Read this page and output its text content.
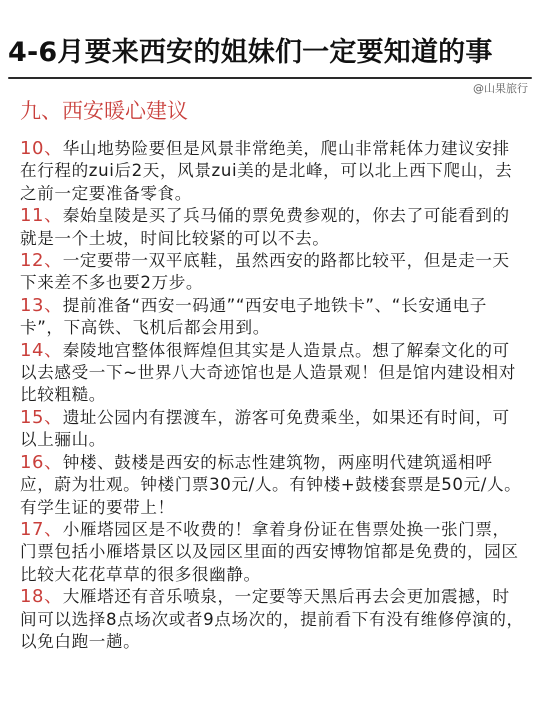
4-6月要来西安的姐妹们一定要知道的事
@山果旅行
九、西安暖心建议

10、华山地势险要但是风景非常绝美，爬山非常耗体力建议安排在行程的zui后2天，风景zui美的是北峰，可以北上西下爬山，去之前一定要准备零食。

11、秦始皇陵是买了兵马俑的票免费参观的，你去了可能看到的就是一个土坡，时间比较紧的可以不去。

12、一定要带一双平底鞋，虽然西安的路都比较平，但是走一天下来差不多也要2万步。

13、提前准备“西安一码通”“西安电子地铁卡”、“长安通电子卡”，下高铁、飞机后都会用到。

14、秦陵地宫整体很辉煌但其实是人造景点。想了解秦文化的可以去感受一下~世界八大奇迹馆也是人造景观！但是馆内建设相对比较粗糙。

15、遗址公园内有摆渡车，游客可免费乘坐，如果还有时间，可以上骊山。

16、钟楼、鼓楼是西安的标志性建筑物，两座明代建筑遥相呼应，蔚为壮观。钟楼门票30元/人。有钟楼+鼓楼套票是50元/人。有学生证的要带上！

17、小雁塔园区是不收费的！拿着身份证在售票处换一张门票，门票包括小雁塔景区以及园区里面的西安博物馆都是免费的，园区比较大花花草草的很多很幽静。

18、大雁塔还有音乐喷泉，一定要等天黑后再去会更加震撼，时间可以选择8点场次或者9点场次的，提前看下有没有维修停演的，以免白跑一趟。
